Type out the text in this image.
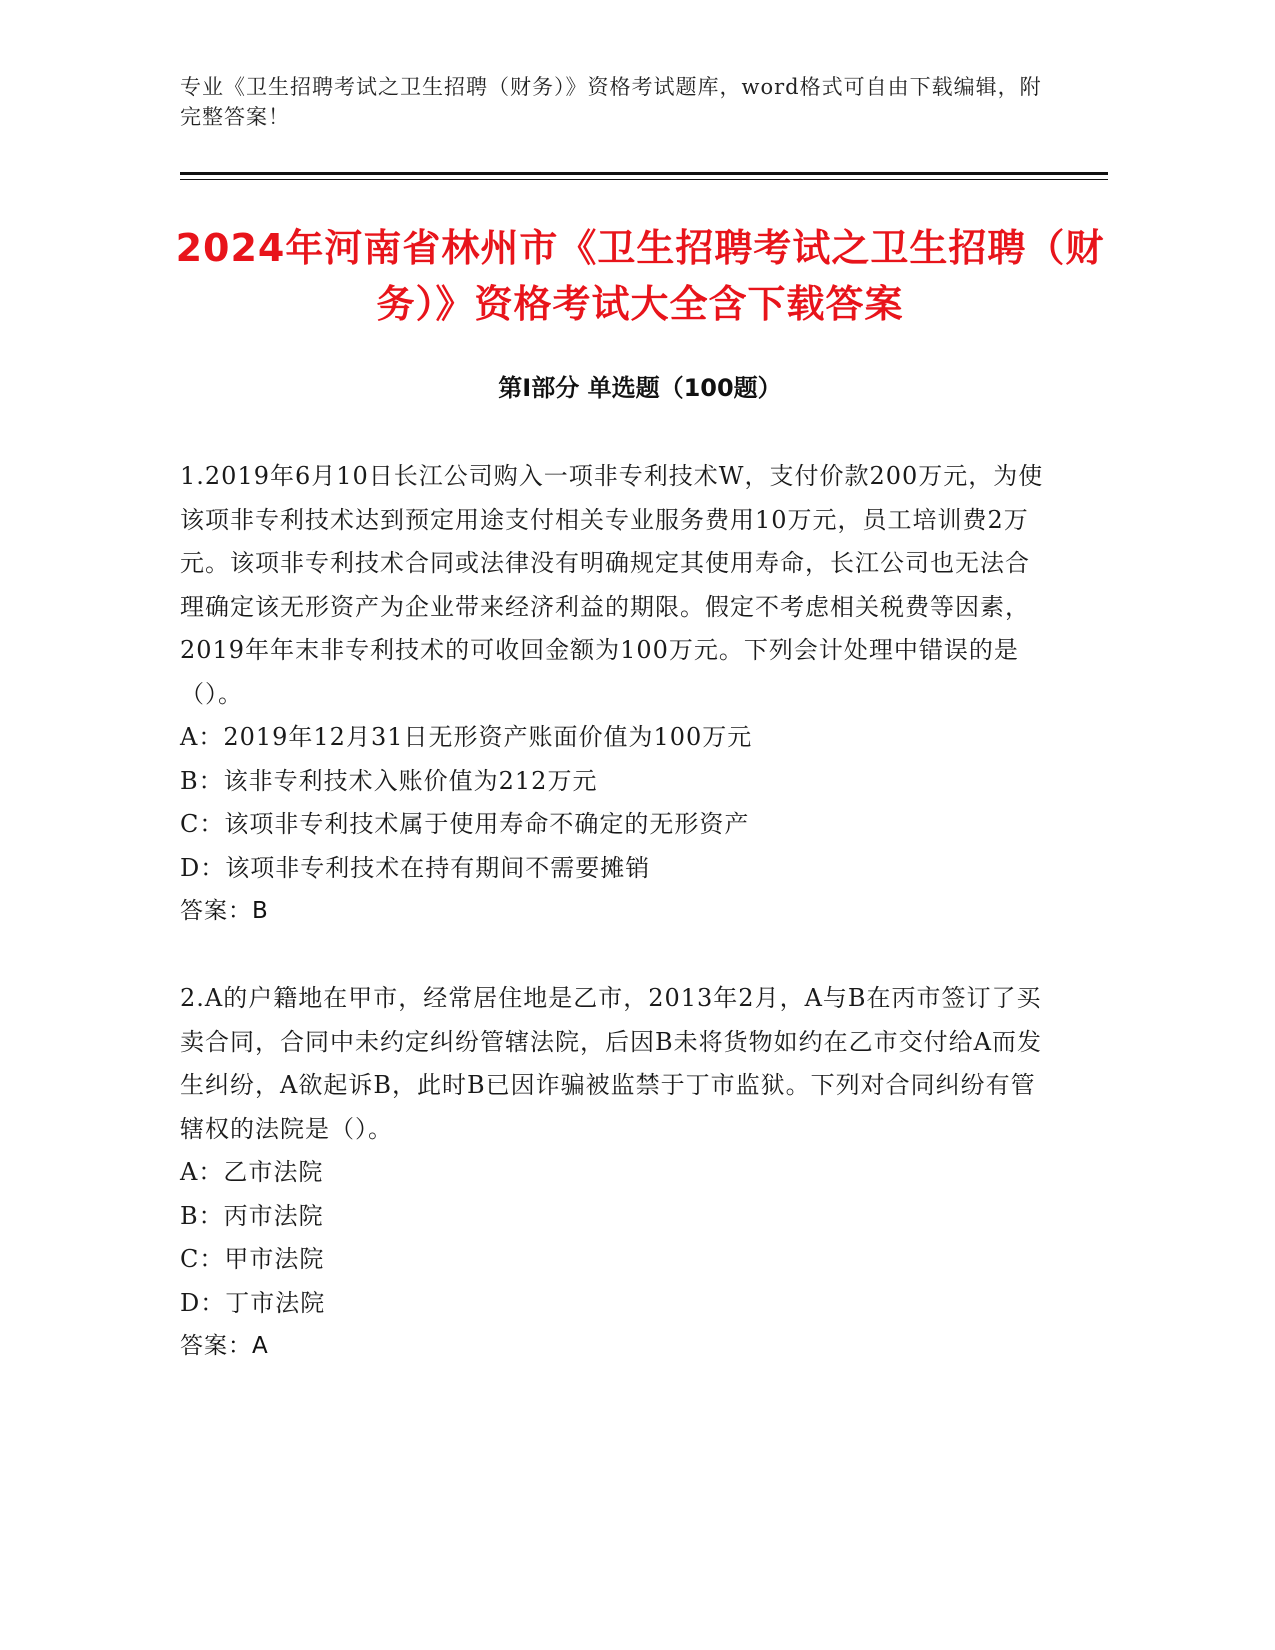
专业《卫生招聘考试之卫生招聘（财务）》资格考试题库，word格式可自由下载编辑，附完整答案！
2024年河南省林州市《卫生招聘考试之卫生招聘（财务）》资格考试大全含下载答案
第Ⅰ部分 单选题（100题）

1.2019年6月10日长江公司购入一项非专利技术W，支付价款200万元，为使该项非专利技术达到预定用途支付相关专业服务费用10万元，员工培训费2万元。该项非专利技术合同或法律没有明确规定其使用寿命，长江公司也无法合理确定该无形资产为企业带来经济利益的期限。假定不考虑相关税费等因素，2019年年末非专利技术的可收回金额为100万元。下列会计处理中错误的是（）。

A：2019年12月31日无形资产账面价值为100万元

B：该非专利技术入账价值为212万元

C：该项非专利技术属于使用寿命不确定的无形资产

D：该项非专利技术在持有期间不需要摊销

答案：B

2.A的户籍地在甲市，经常居住地是乙市，2013年2月，A与B在丙市签订了买卖合同，合同中未约定纠纷管辖法院，后因B未将货物如约在乙市交付给A而发生纠纷，A欲起诉B，此时B已因诈骗被监禁于丁市监狱。下列对合同纠纷有管辖权的法院是（）。

A：乙市法院

B：丙市法院

C：甲市法院

D：丁市法院

答案：A
